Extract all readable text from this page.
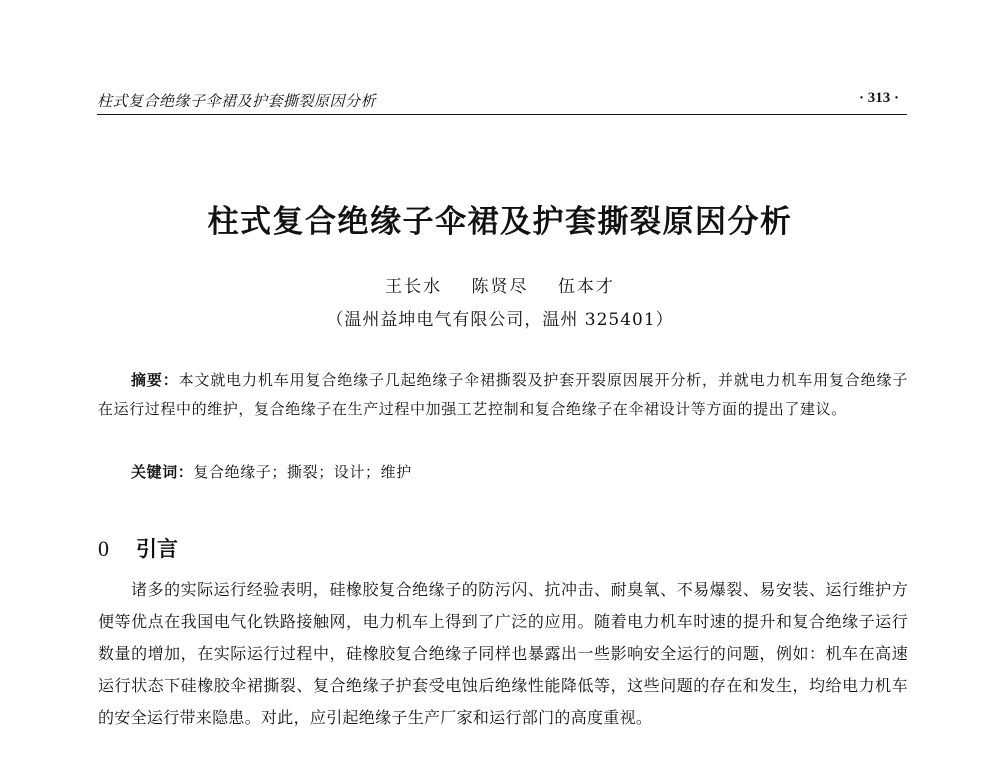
柱式复合绝缘子伞裙及护套撕裂原因分析	· 313 ·
柱式复合绝缘子伞裙及护套撕裂原因分析
王长水 陈贤尽 伍本才
（温州益坤电气有限公司，温州 325401）
摘要：本文就电力机车用复合绝缘子几起绝缘子伞裙撕裂及护套开裂原因展开分析，并就电力机车用复合绝缘子在运行过程中的维护，复合绝缘子在生产过程中加强工艺控制和复合绝缘子在伞裙设计等方面的提出了建议。
关键词：复合绝缘子；撕裂；设计；维护
0 引言
诸多的实际运行经验表明，硅橡胶复合绝缘子的防污闪、抗冲击、耐臭氧、不易爆裂、易安装、运行维护方便等优点在我国电气化铁路接触网，电力机车上得到了广泛的应用。随着电力机车时速的提升和复合绝缘子运行数量的增加，在实际运行过程中，硅橡胶复合绝缘子同样也暴露出一些影响安全运行的问题，例如：机车在高速运行状态下硅橡胶伞裙撕裂、复合绝缘子护套受电蚀后绝缘性能降低等，这些问题的存在和发生，均给电力机车的安全运行带来隐患。对此，应引起绝缘子生产厂家和运行部门的高度重视。
